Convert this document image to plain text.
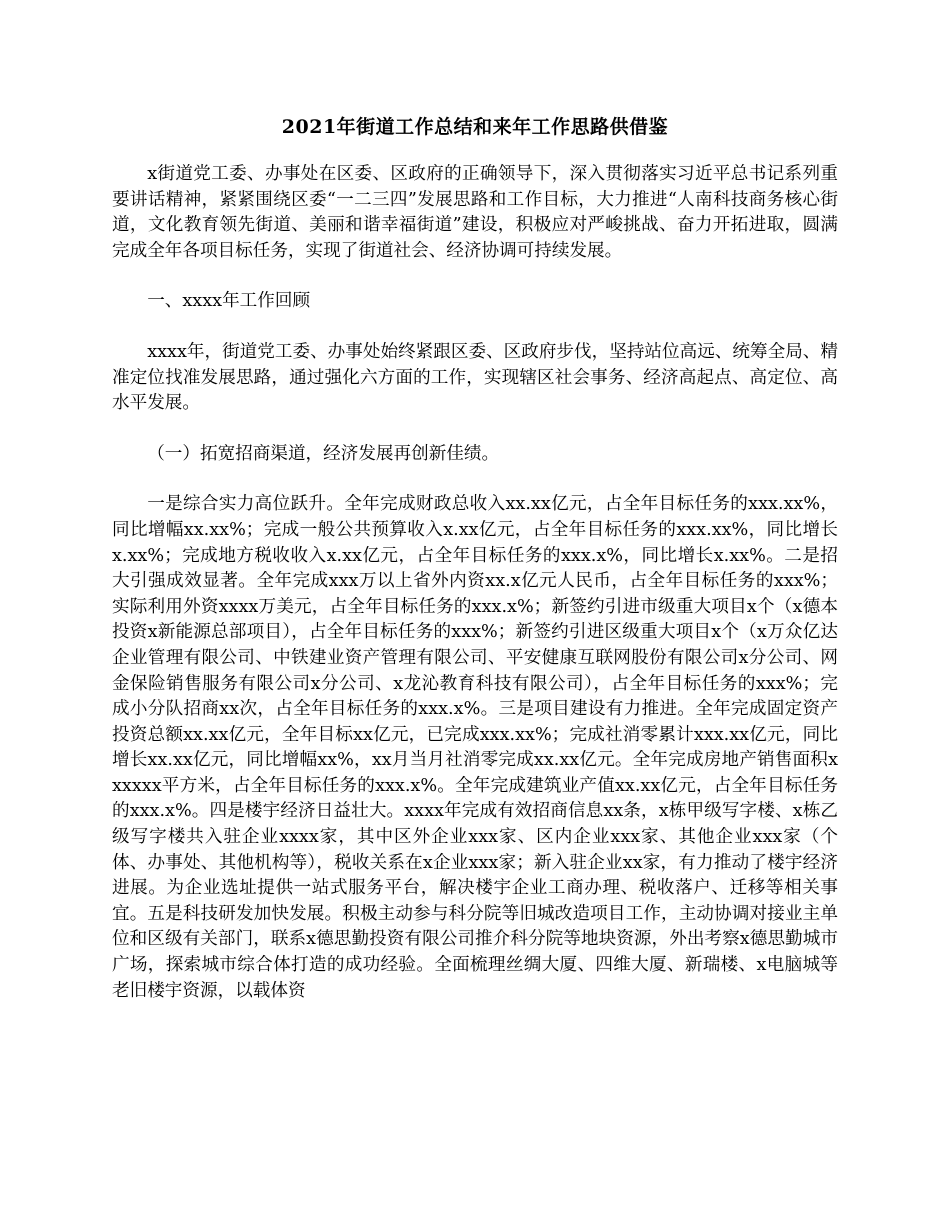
2021年街道工作总结和来年工作思路供借鉴
x街道党工委、办事处在区委、区政府的正确领导下，深入贯彻落实习近平总书记系列重要讲话精神，紧紧围绕区委“一二三四”发展思路和工作目标，大力推进“人南科技商务核心街道，文化教育领先街道、美丽和谐幸福街道”建设，积极应对严峻挑战、奋力开拓进取，圆满完成全年各项目标任务，实现了街道社会、经济协调可持续发展。
一、xxxx年工作回顾
xxxx年，街道党工委、办事处始终紧跟区委、区政府步伐，坚持站位高远、统筹全局、精准定位找准发展思路，通过强化六方面的工作，实现辖区社会事务、经济高起点、高定位、高水平发展。
（一）拓宽招商渠道，经济发展再创新佳绩。
一是综合实力高位跃升。全年完成财政总收入xx.xx亿元，占全年目标任务的xxx.xx%，同比增幅xx.xx%；完成一般公共预算收入x.xx亿元，占全年目标任务的xxx.xx%，同比增长x.xx%；完成地方税收收入x.xx亿元，占全年目标任务的xxx.x%，同比增长x.xx%。二是招大引强成效显著。全年完成xxx万以上省外内资xx.x亿元人民币，占全年目标任务的xxx%；实际利用外资xxxx万美元，占全年目标任务的xxx.x%；新签约引进市级重大项目x个（x德本投资x新能源总部项目），占全年目标任务的xxx%；新签约引进区级重大项目x个（x万众亿达企业管理有限公司、中铁建业资产管理有限公司、平安健康互联网股份有限公司x分公司、网金保险销售服务有限公司x分公司、x龙沁教育科技有限公司），占全年目标任务的xxx%；完成小分队招商xx次，占全年目标任务的xxx.x%。三是项目建设有力推进。全年完成固定资产投资总额xx.xx亿元，全年目标xx亿元，已完成xxx.xx%；完成社消零累计xxx.xx亿元，同比增长xx.xx亿元，同比增幅xx%，xx月当月社消零完成xx.xx亿元。全年完成房地产销售面积xxxxxx平方米，占全年目标任务的xxx.x%。全年完成建筑业产值xx.xx亿元，占全年目标任务的xxx.x%。四是楼宇经济日益壮大。xxxx年完成有效招商信息xx条，x栋甲级写字楼、x栋乙级写字楼共入驻企业xxxx家，其中区外企业xxx家、区内企业xxx家、其他企业xxx家（个体、办事处、其他机构等），税收关系在x企业xxx家；新入驻企业xx家，有力推动了楼宇经济进展。为企业选址提供一站式服务平台，解决楼宇企业工商办理、税收落户、迁移等相关事宜。五是科技研发加快发展。积极主动参与科分院等旧城改造项目工作，主动协调对接业主单位和区级有关部门，联系x德思勤投资有限公司推介科分院等地块资源，外出考察x德思勤城市广场，探索城市综合体打造的成功经验。全面梳理丝绸大厦、四维大厦、新瑞楼、x电脑城等老旧楼宇资源，以载体资
